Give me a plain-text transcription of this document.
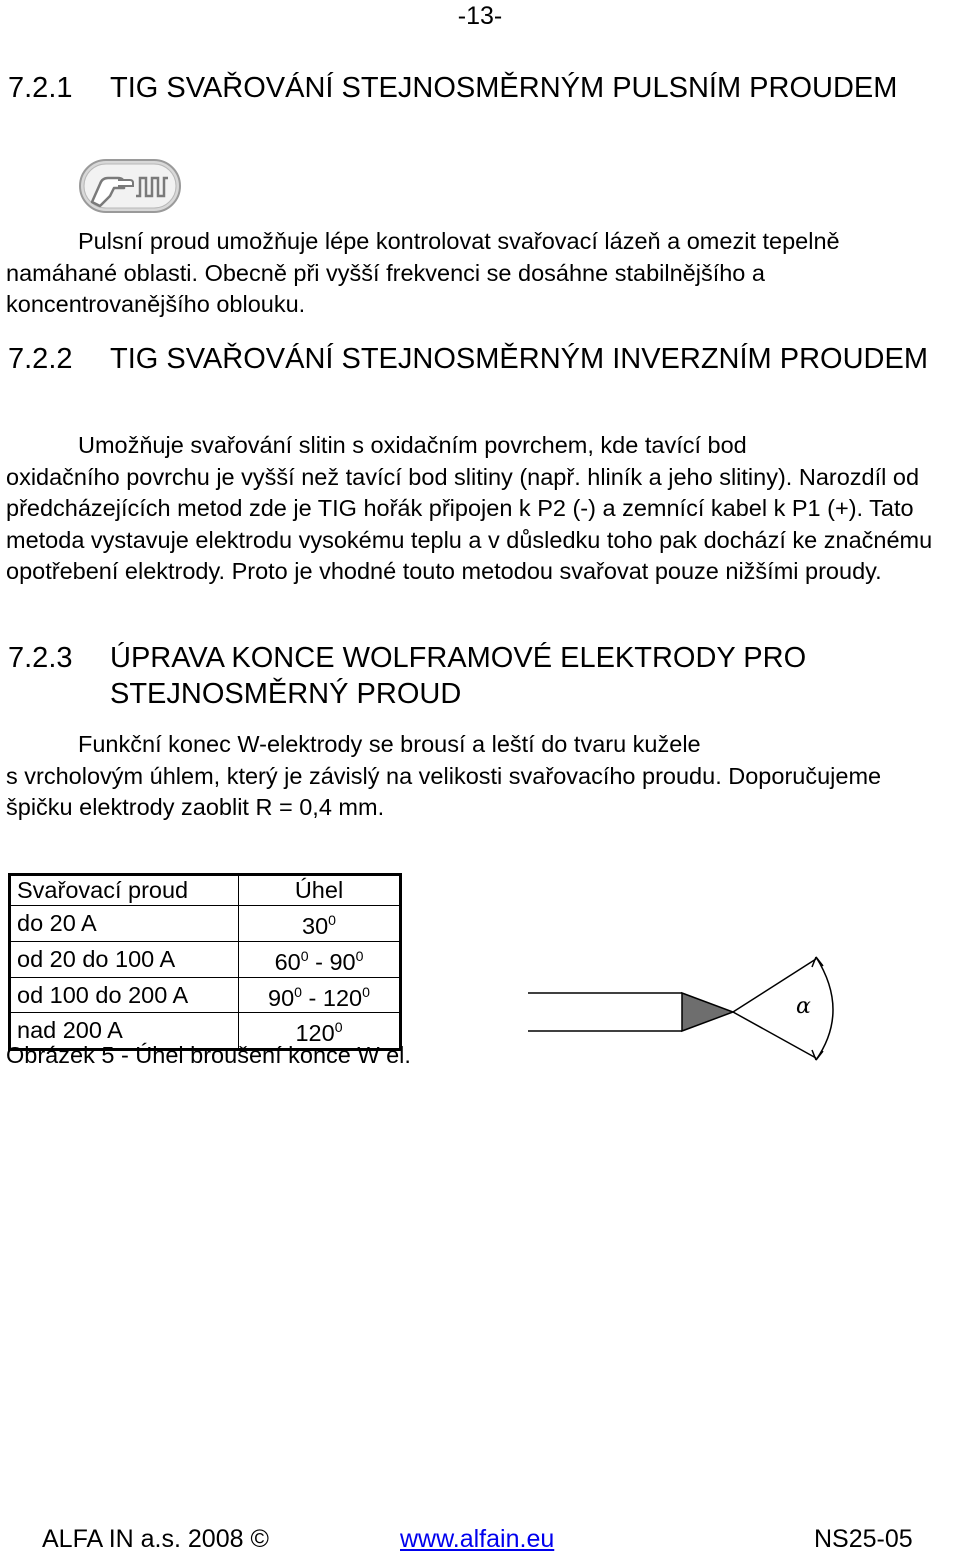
-13-
7.2.1 TIG SVAŘOVÁNÍ STEJNOSMĚRNÝM PULSNÍM PROUDEM
Pulsní proud umožňuje lépe kontrolovat svařovací lázeň a omezit tepelně
namáhané oblasti. Obecně při vyšší frekvenci se dosáhne stabilnějšího a koncentrovanějšího oblouku.
7.2.2 TIG SVAŘOVÁNÍ STEJNOSMĚRNÝM INVERZNÍM PROUDEM
Umožňuje svařování slitin s oxidačním povrchem, kde tavící bod
oxidačního povrchu je vyšší než tavící bod slitiny (např. hliník a jeho slitiny). Narozdíl od předcházejících metod zde je TIG hořák připojen k P2 (-) a zemnící kabel k P1 (+). Tato metoda vystavuje elektrodu vysokému teplu a v důsledku toho pak dochází ke značnému opotřebení elektrody. Proto je vhodné touto metodou svařovat pouze nižšími proudy.
7.2.3 ÚPRAVA KONCE WOLFRAMOVÉ ELEKTRODY PRO STEJNOSMĚRNÝ PROUD
Funkční konec W-elektrody se brousí a leští do tvaru kužele
s vrcholovým úhlem, který je závislý na velikosti svařovacího proudu. Doporučujeme špičku elektrody zaoblit R = 0,4 mm.
Svařovací proud	Úhel
do 20 A	$30^0$
od 20 do 100 A	$60^0 - 90^0$
od 100 do 200 A	$90^0 - 120^0$
nad 200 A	$120^0$
Obrázek 5 - Úhel broušení konce W el.
α
ALFA IN a.s. 2008 ©	www.alfain.eu	NS25-05
